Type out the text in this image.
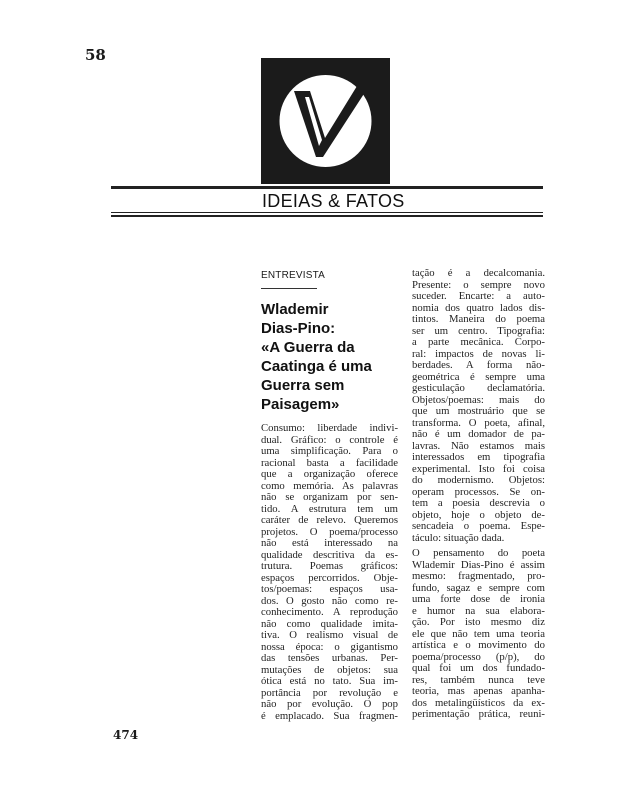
58
IDEIAS & FATOS
ENTREVISTA
Wlademir
Dias-Pino:
«A Guerra da
Caatinga é uma
Guerra sem
Paisagem»
Consumo: liberdade indivi-
dual. Gráfico: o controle é
uma simplificação. Para o
racional basta a facilidade
que a organização oferece
como memória. As palavras
não se organizam por sen-
tido. A estrutura tem um
caráter de relevo. Queremos
projetos. O poema/processo
não está interessado na
qualidade descritiva da es-
trutura. Poemas gráficos:
espaços percorridos. Obje-
tos/poemas: espaços usa-
dos. O gosto não como re-
conhecimento. A reprodução
não como qualidade imita-
tiva. O realismo visual de
nossa época: o gigantismo
das tensões urbanas. Per-
mutações de objetos: sua
ótica está no tato. Sua im-
portância por revolução e
não por evolução. O pop
é emplacado. Sua fragmen-
tação é a decalcomania.
Presente: o sempre novo
suceder. Encarte: a auto-
nomia dos quatro lados dis-
tintos. Maneira do poema
ser um centro. Tipografia:
a parte mecânica. Corpo-
ral: impactos de novas li-
berdades. A forma não-
geométrica é sempre uma
gesticulação declamatória.
Objetos/poemas: mais do
que um mostruário que se
transforma. O poeta, afinal,
não é um domador de pa-
lavras. Não estamos mais
interessados em tipografia
experimental. Isto foi coisa
do modernismo. Objetos:
operam processos. Se on-
tem a poesia descrevia o
objeto, hoje o objeto de-
sencadeia o poema. Espe-
táculo: situação dada.
O pensamento do poeta
Wlademir Dias-Pino é assim
mesmo: fragmentado, pro-
fundo, sagaz e sempre com
uma forte dose de ironia
e humor na sua elabora-
ção. Por isto mesmo diz
ele que não tem uma teoria
artística e o movimento do
poema/processo (p/p), do
qual foi um dos fundado-
res, também nunca teve
teoria, mas apenas apanha-
dos metalingüísticos da ex-
perimentação prática, reuni-
474
